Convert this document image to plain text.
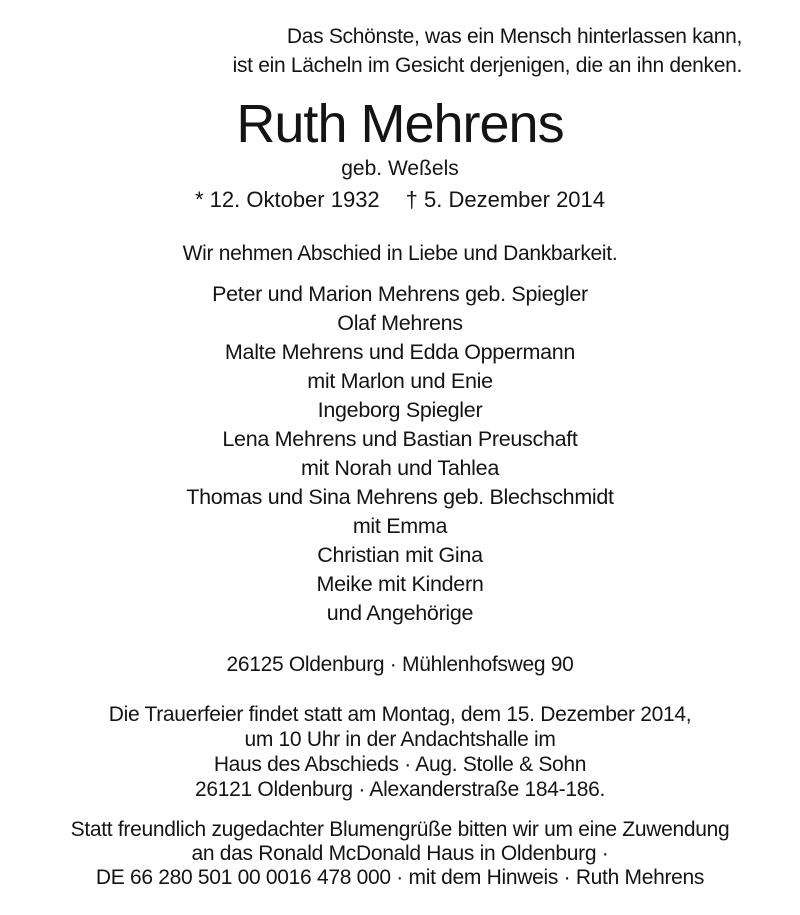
Das Schönste, was ein Mensch hinterlassen kann,
ist ein Lächeln im Gesicht derjenigen, die an ihn denken.
Ruth Mehrens
geb. Weßels
* 12. Oktober 1932 † 5. Dezember 2014
Wir nehmen Abschied in Liebe und Dankbarkeit.
Peter und Marion Mehrens geb. Spiegler
Olaf Mehrens
Malte Mehrens und Edda Oppermann
mit Marlon und Enie
Ingeborg Spiegler
Lena Mehrens und Bastian Preuschaft
mit Norah und Tahlea
Thomas und Sina Mehrens geb. Blechschmidt
mit Emma
Christian mit Gina
Meike mit Kindern
und Angehörige
26125 Oldenburg · Mühlenhofsweg 90
Die Trauerfeier findet statt am Montag, dem 15. Dezember 2014,
um 10 Uhr in der Andachtshalle im
Haus des Abschieds · Aug. Stolle & Sohn
26121 Oldenburg · Alexanderstraße 184-186.
Statt freundlich zugedachter Blumengrüße bitten wir um eine Zuwendung
an das Ronald McDonald Haus in Oldenburg ·
DE 66 280 501 00 0016 478 000 · mit dem Hinweis · Ruth Mehrens
